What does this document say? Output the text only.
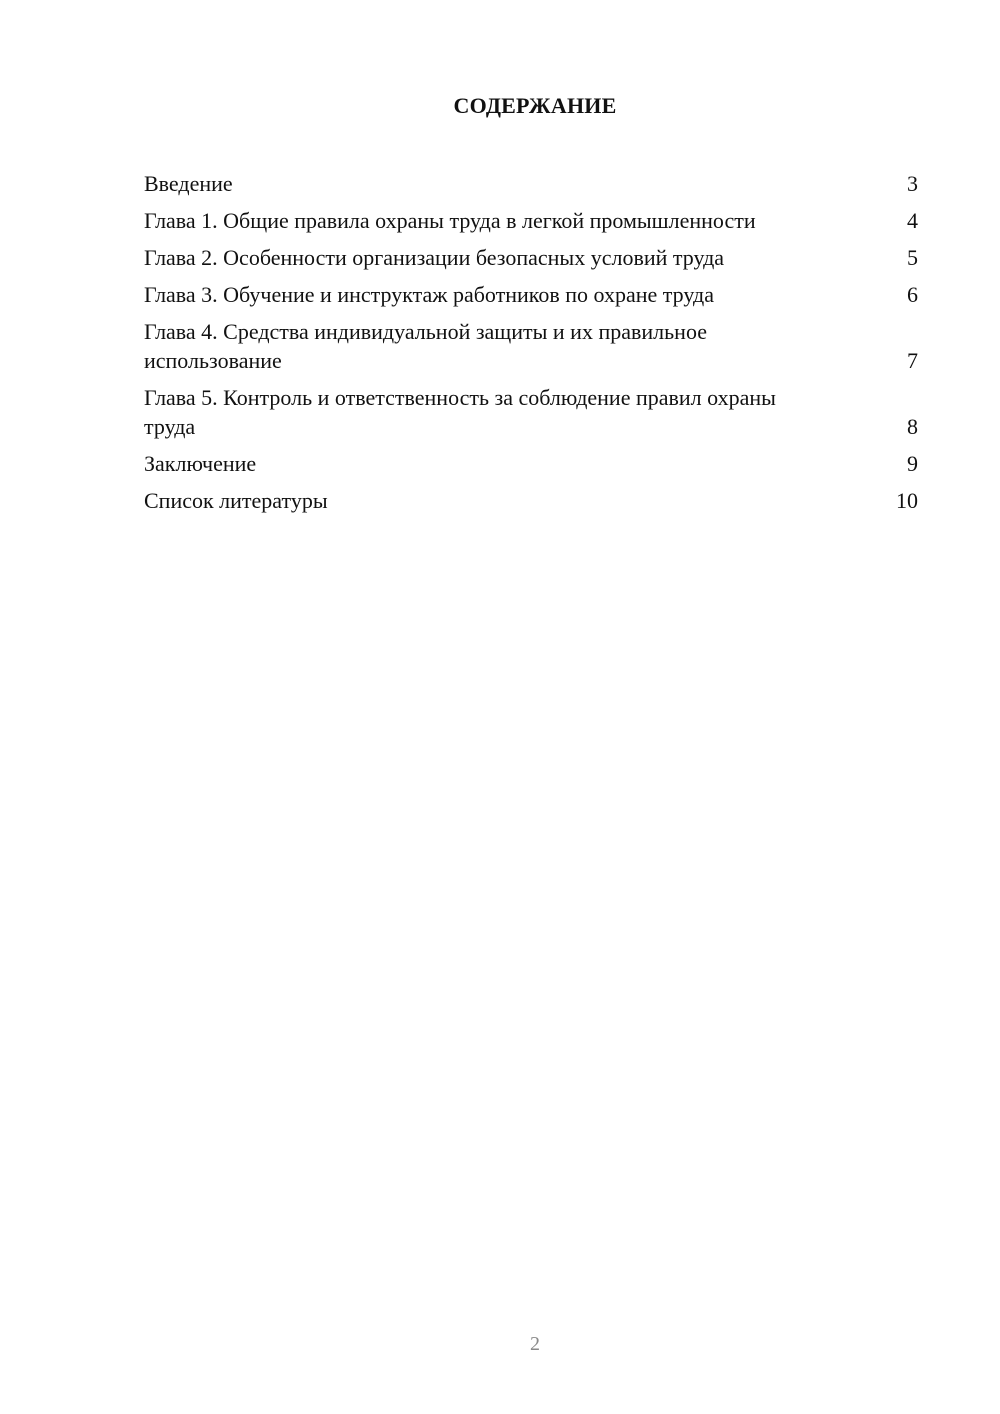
СОДЕРЖАНИЕ
Введение	3
Глава 1. Общие правила охраны труда в легкой промышленности	4
Глава 2. Особенности организации безопасных условий труда	5
Глава 3. Обучение и инструктаж работников по охране труда	6
Глава 4. Средства индивидуальной защиты и их правильное использование	7
Глава 5. Контроль и ответственность за соблюдение правил охраны труда	8
Заключение	9
Список литературы	10
2
